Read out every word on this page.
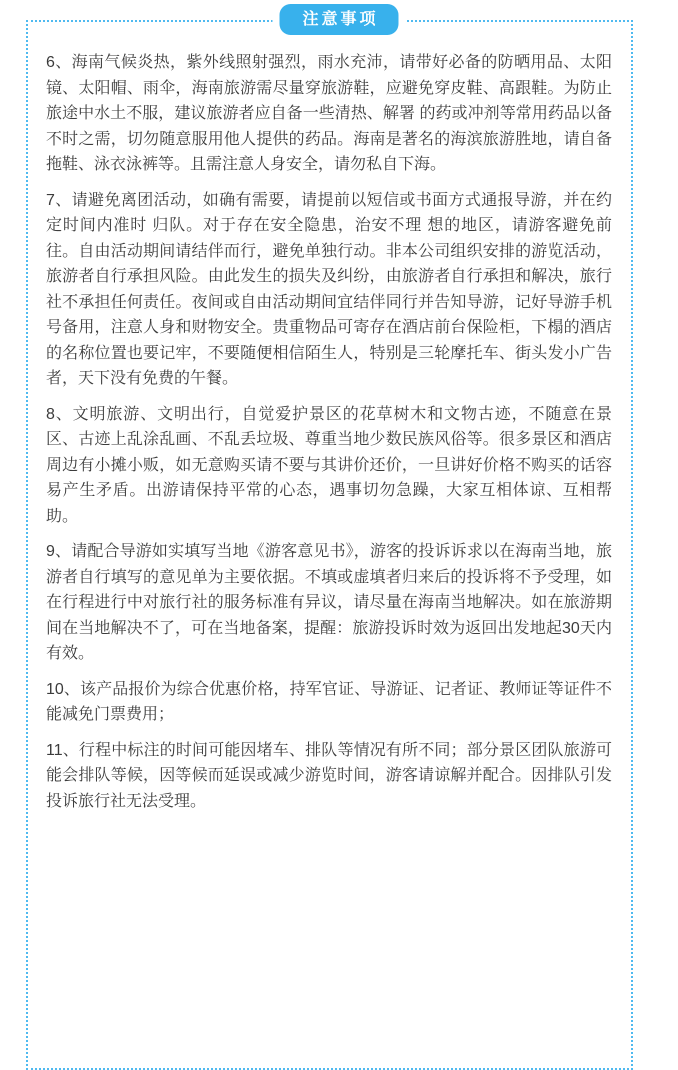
注意事项

6、海南气候炎热，紫外线照射强烈，雨水充沛，请带好必备的防晒用品、太阳镜、太阳帽、雨伞，海南旅游需尽量穿旅游鞋，应避免穿皮鞋、高跟鞋。为防止旅途中水土不服，建议旅游者应自备一些清热、解署 的药或冲剂等常用药品以备不时之需，切勿随意服用他人提供的药品。海南是著名的海滨旅游胜地，请自备拖鞋、泳衣泳裤等。且需注意人身安全，请勿私自下海。

7、请避免离团活动，如确有需要，请提前以短信或书面方式通报导游，并在约定时间内准时 归队。对于存在安全隐患，治安不理 想的地区，请游客避免前往。自由活动期间请结伴而行，避免单独行动。非本公司组织安排的游览活动，旅游者自行承担风险。由此发生的损失及纠纷，由旅游者自行承担和解决，旅行社不承担任何责任。夜间或自由活动期间宜结伴同行并告知导游，记好导游手机号备用，注意人身和财物安全。贵重物品可寄存在酒店前台保险柜，下榻的酒店的名称位置也要记牢，不要随便相信陌生人，特别是三轮摩托车、街头发小广告者，天下没有免费的午餐。

8、文明旅游、文明出行，自觉爱护景区的花草树木和文物古迹，不随意在景区、古迹上乱涂乱画、不乱丢垃圾、尊重当地少数民族风俗等。很多景区和酒店周边有小摊小贩，如无意购买请不要与其讲价还价，一旦讲好价格不购买的话容易产生矛盾。出游请保持平常的心态，遇事切勿急躁，大家互相体谅、互相帮助。

9、请配合导游如实填写当地《游客意见书》，游客的投诉诉求以在海南当地，旅游者自行填写的意见单为主要依据。不填或虚填者归来后的投诉将不予受理，如在行程进行中对旅行社的服务标准有异议，请尽量在海南当地解决。如在旅游期间在当地解决不了，可在当地备案，提醒：旅游投诉时效为返回出发地起30天内有效。

10、该产品报价为综合优惠价格，持军官证、导游证、记者证、教师证等证件不能减免门票费用；

11、行程中标注的时间可能因堵车、排队等情况有所不同；部分景区团队旅游可能会排队等候，因等候而延误或减少游览时间，游客请谅解并配合。因排队引发投诉旅行社无法受理。
